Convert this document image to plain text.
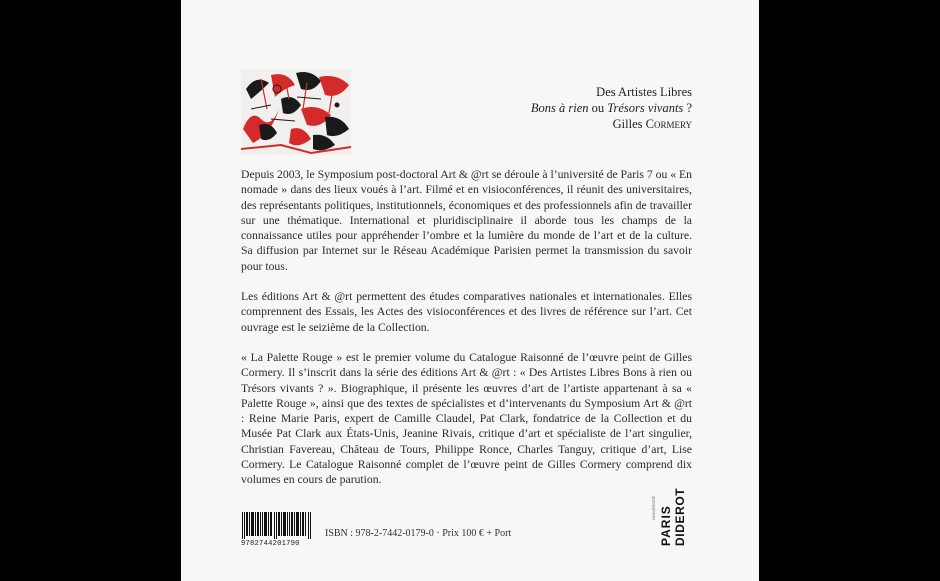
Des Artistes Libres
Bons à rien ou Trésors vivants ?
Gilles Cormery

Depuis 2003, le Symposium post-doctoral Art & @rt se déroule à l’université de Paris 7 ou « En nomade » dans des lieux voués à l’art. Filmé et en visioconférences, il réunit des universitaires, des représentants politiques, institutionnels, économiques et des professionnels afin de travailler sur une thématique. International et pluridisciplinaire il aborde tous les champs de la connaissance utiles pour appréhender l’ombre et la lumière du monde de l’art et de la culture. Sa diffusion par Internet sur le Réseau Académique Parisien permet la transmission du savoir pour tous.

Les éditions Art & @rt permettent des études comparatives nationales et internationales. Elles comprennent des Essais, les Actes des visioconférences et des livres de référence sur l’art. Cet ouvrage est le seizième de la Collection.

« La Palette Rouge » est le premier volume du Catalogue Raisonné de l’œuvre peint de Gilles Cormery. Il s’inscrit dans la série des éditions Art & @rt : « Des Artistes Libres Bons à rien ou Trésors vivants ? ». Biographique, il présente les œuvres d’art de l’artiste appartenant à sa « Palette Rouge », ainsi que des textes de spécialistes et d’intervenants du Symposium Art & @rt : Reine Marie Paris, expert de Camille Claudel, Pat Clark, fondatrice de la Collection et du Musée Pat Clark aux États-Unis, Jeanine Rivais, critique d’art et spécialiste de l’art singulier, Christian Favereau, Château de Tours, Philippe Ronce, Charles Tanguy, critique d’art, Lise Cormery. Le Catalogue Raisonné complet de l’œuvre peint de Gilles Cormery comprend dix volumes en cours de parution.

9782744201790
ISBN : 978-2-7442-0179-0 · Prix 100 € + Port
UNIVERSITÉ PARIS DIDEROT
